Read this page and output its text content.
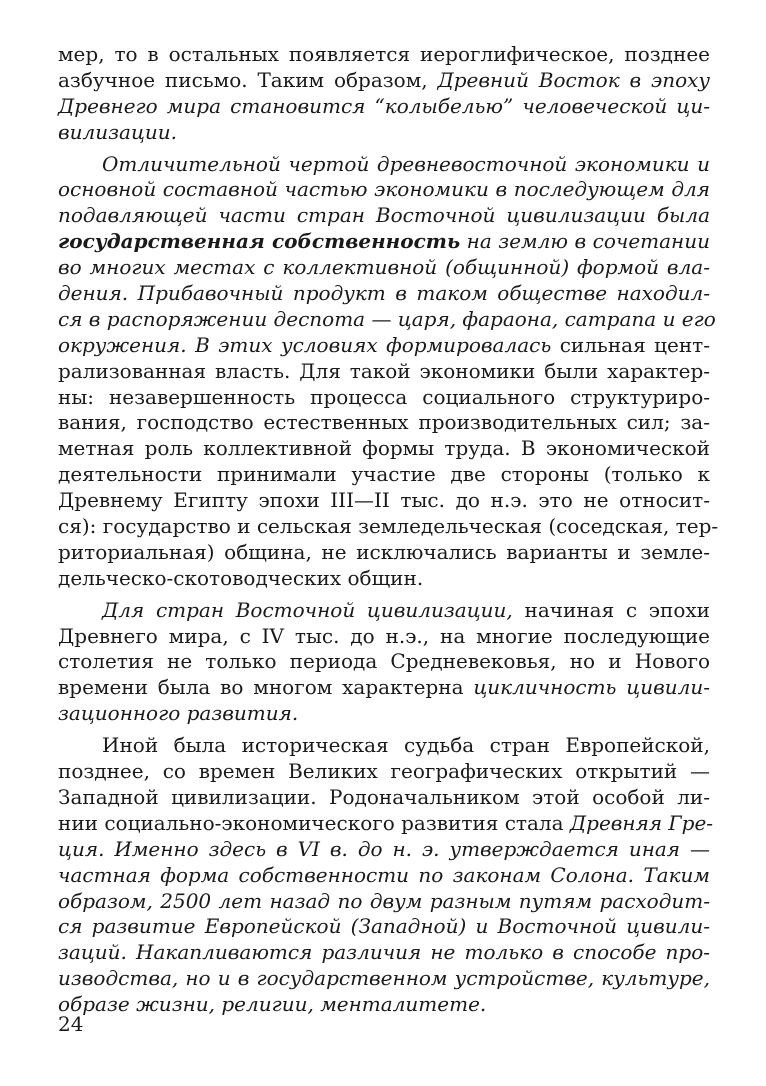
мер, то в остальных появляется иероглифическое, позднее
азбучное письмо. Таким образом, Древний Восток в эпоху
Древнего мира становится “колыбелью” человеческой ци-
вилизации.
Отличительной чертой древневосточной экономики и
основной составной частью экономики в последующем для
подавляющей части стран Восточной цивилизации была
государственная собственность на землю в сочетании
во многих местах с коллективной (общинной) формой вла-
дения. Прибавочный продукт в таком обществе находил-
ся в распоряжении деспота — царя, фараона, сатрапа и его
окружения. В этих условиях формировалась сильная цент-
рализованная власть. Для такой экономики были характер-
ны: незавершенность процесса социального структуриро-
вания, господство естественных производительных сил; за-
метная роль коллективной формы труда. В экономической
деятельности принимали участие две стороны (только к
Древнему Египту эпохи III—II тыс. до н.э. это не относит-
ся): государство и сельская земледельческая (соседская, тер-
риториальная) община, не исключались варианты и земле-
дельческо-скотоводческих общин.
Для стран Восточной цивилизации, начиная с эпохи
Древнего мира, с IV тыс. до н.э., на многие последующие
столетия не только периода Средневековья, но и Нового
времени была во многом характерна цикличность цивили-
зационного развития.
Иной была историческая судьба стран Европейской,
позднее, со времен Великих географических открытий —
Западной цивилизации. Родоначальником этой особой ли-
нии социально-экономического развития стала Древняя Гре-
ция. Именно здесь в VI в. до н. э. утверждается иная —
частная форма собственности по законам Солона. Таким
образом, 2500 лет назад по двум разным путям расходит-
ся развитие Европейской (Западной) и Восточной цивили-
заций. Накапливаются различия не только в способе про-
изводства, но и в государственном устройстве, культуре,
образе жизни, религии, менталитете.
24
